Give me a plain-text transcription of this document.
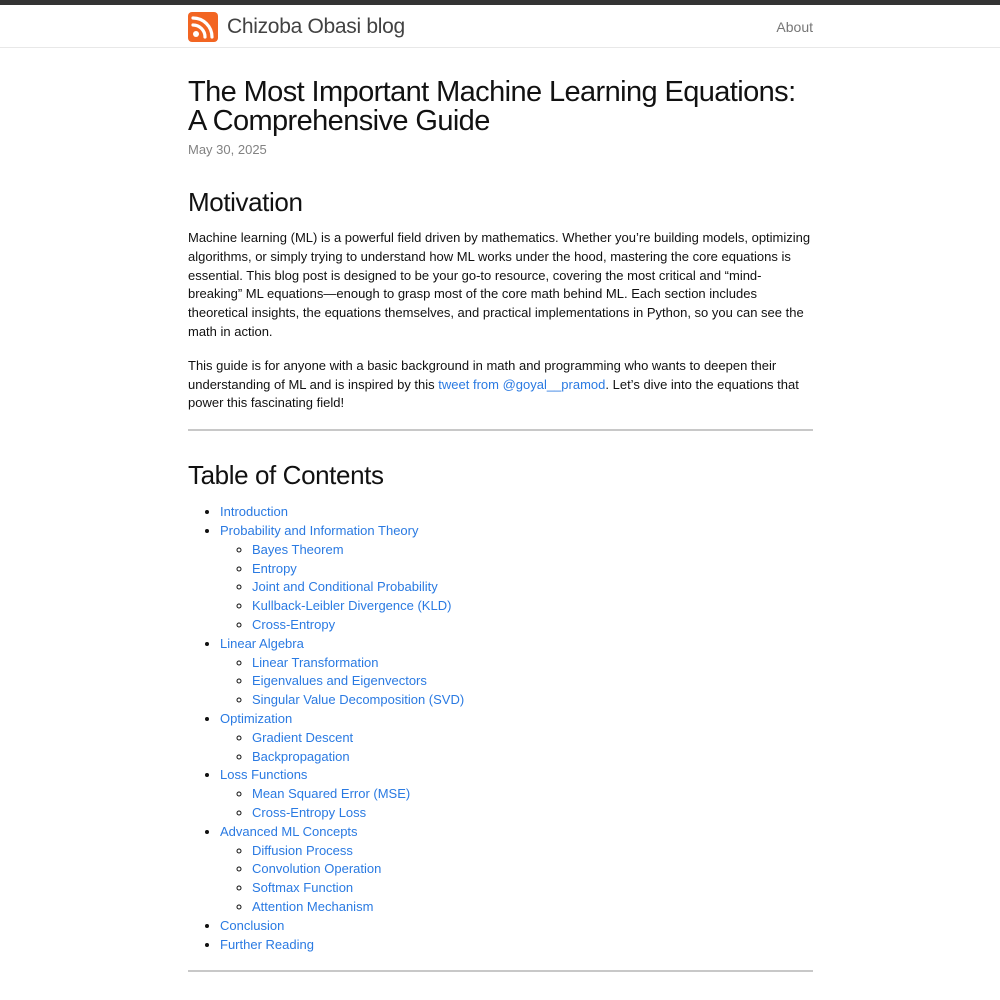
Chizoba Obasi blog	About
The Most Important Machine Learning Equations: A Comprehensive Guide
May 30, 2025
Motivation

Machine learning (ML) is a powerful field driven by mathematics. Whether you’re building models, optimizing algorithms, or simply trying to understand how ML works under the hood, mastering the core equations is essential. This blog post is designed to be your go-to resource, covering the most critical and “mind-breaking” ML equations—enough to grasp most of the core math behind ML. Each section includes theoretical insights, the equations themselves, and practical implementations in Python, so you can see the math in action.

This guide is for anyone with a basic background in math and programming who wants to deepen their understanding of ML and is inspired by this tweet from @goyal__pramod. Let’s dive into the equations that power this fascinating field!

Table of Contents
• Introduction
• Probability and Information Theory
◦ Bayes Theorem
◦ Entropy
◦ Joint and Conditional Probability
◦ Kullback-Leibler Divergence (KLD)
◦ Cross-Entropy
• Linear Algebra
◦ Linear Transformation
◦ Eigenvalues and Eigenvectors
◦ Singular Value Decomposition (SVD)
• Optimization
◦ Gradient Descent
◦ Backpropagation
• Loss Functions
◦ Mean Squared Error (MSE)
◦ Cross-Entropy Loss
• Advanced ML Concepts
◦ Diffusion Process
◦ Convolution Operation
◦ Softmax Function
◦ Attention Mechanism
• Conclusion
• Further Reading
